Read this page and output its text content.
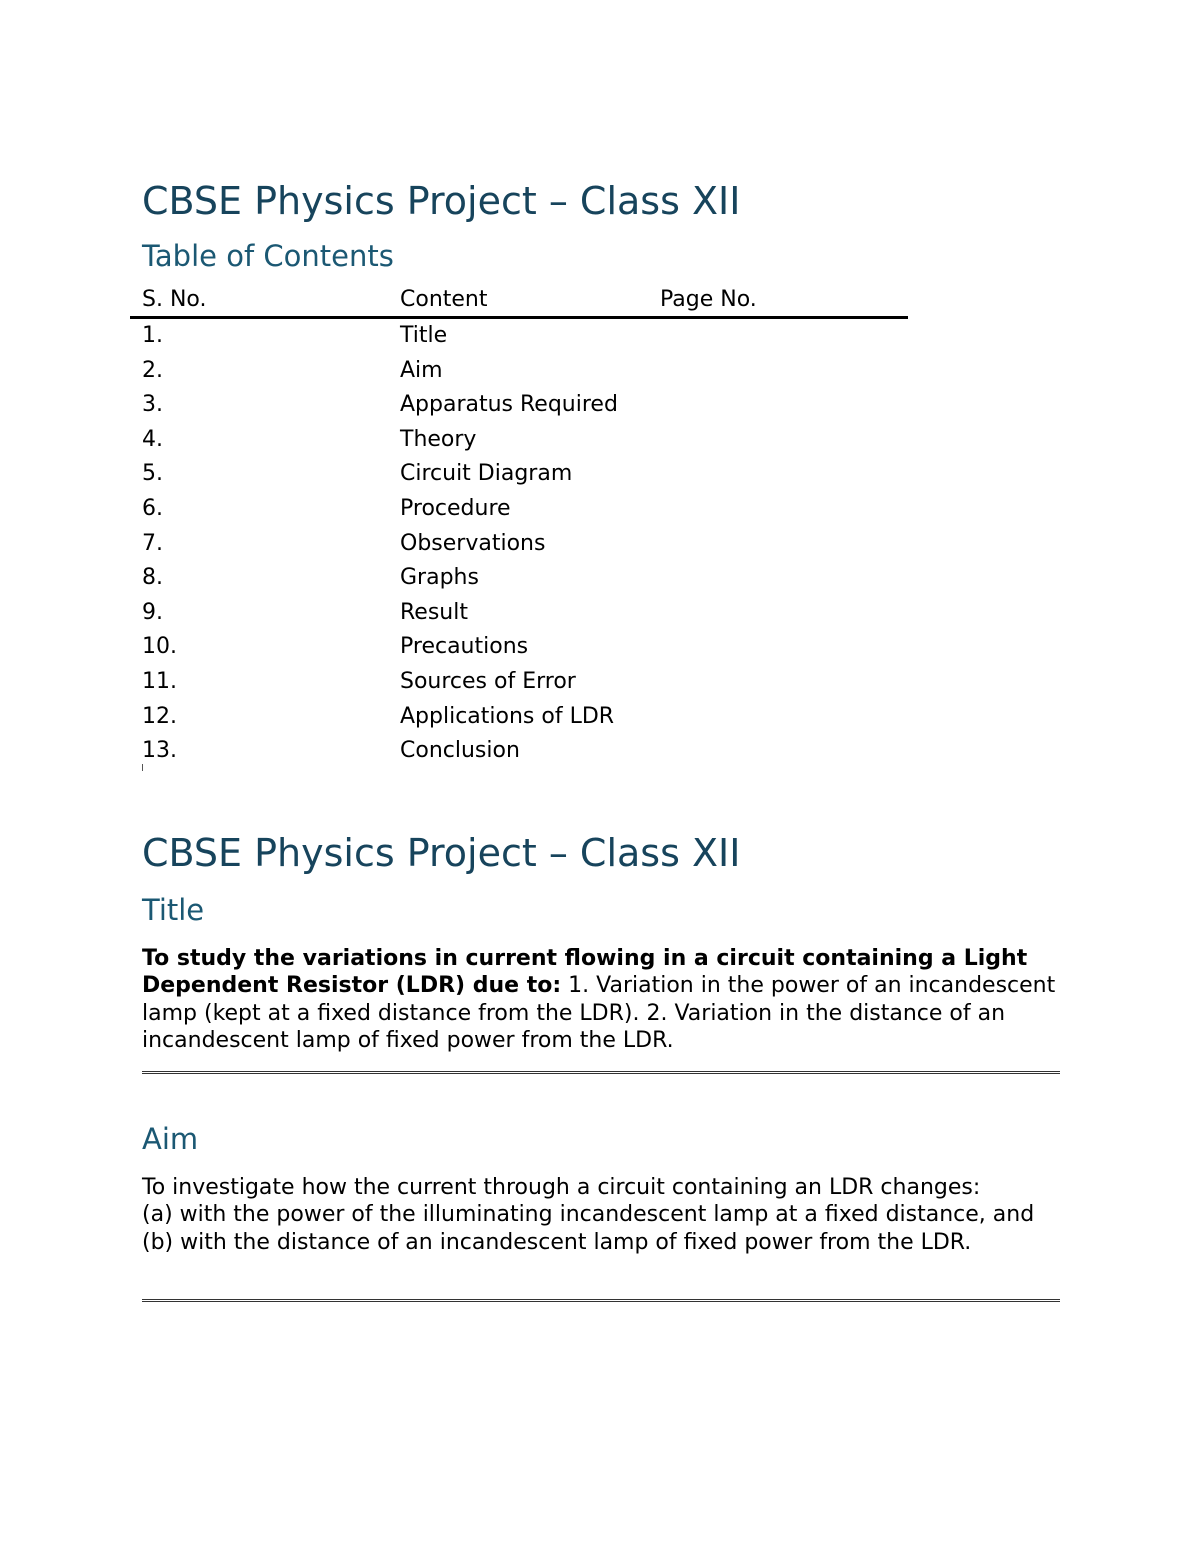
CBSE Physics Project – Class XII
Table of Contents
S. No.	Content	Page No.
1.	Title
2.	Aim
3.	Apparatus Required
4.	Theory
5.	Circuit Diagram
6.	Procedure
7.	Observations
8.	Graphs
9.	Result
10.	Precautions
11.	Sources of Error
12.	Applications of LDR
13.	Conclusion
CBSE Physics Project – Class XII
Title

To study the variations in current flowing in a circuit containing a Light Dependent Resistor (LDR) due to: 1. Variation in the power of an incandescent lamp (kept at a fixed distance from the LDR). 2. Variation in the distance of an incandescent lamp of fixed power from the LDR.

Aim

To investigate how the current through a circuit containing an LDR changes:
(a) with the power of the illuminating incandescent lamp at a fixed distance, and
(b) with the distance of an incandescent lamp of fixed power from the LDR.
